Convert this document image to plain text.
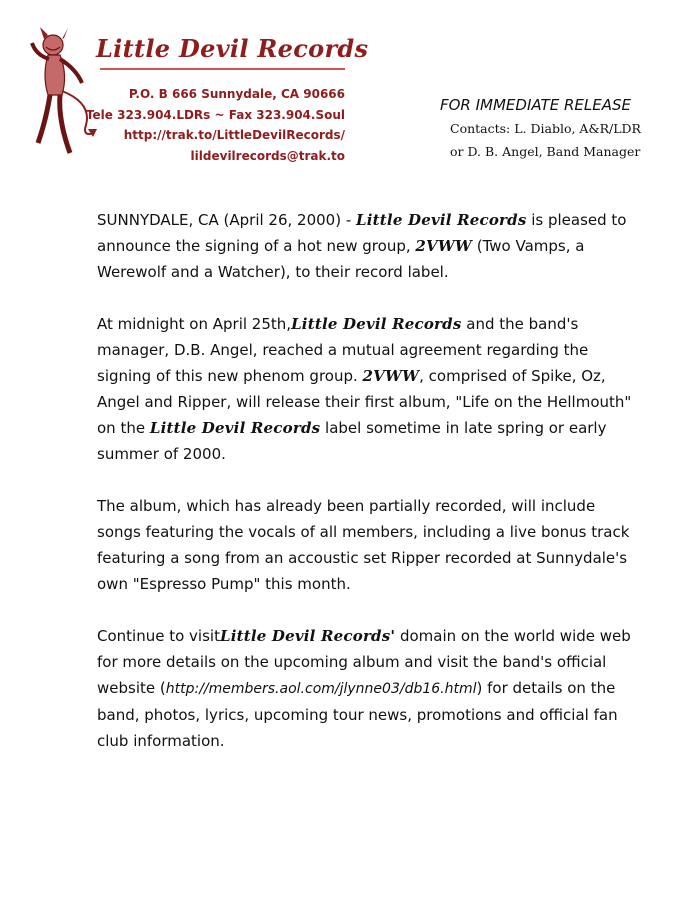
Little Devil Records
P.O. B 666 Sunnydale, CA 90666
Tele 323.904.LDRs ~ Fax 323.904.Soul
http://trak.to/LittleDevilRecords/
lildevilrecords@trak.to
FOR IMMEDIATE RELEASE
Contacts: L. Diablo, A&R/LDR
or D. B. Angel, Band Manager

SUNNYDALE, CA (April 26, 2000) - Little Devil Records is pleased to announce the signing of a hot new group, 2VWW (Two Vamps, a Werewolf and a Watcher), to their record label.

At midnight on April 25th,Little Devil Records and the band's manager, D.B. Angel, reached a mutual agreement regarding the signing of this new phenom group. 2VWW, comprised of Spike, Oz, Angel and Ripper, will release their first album, "Life on the Hellmouth" on the Little Devil Records label sometime in late spring or early summer of 2000.

The album, which has already been partially recorded, will include songs featuring the vocals of all members, including a live bonus track featuring a song from an accoustic set Ripper recorded at Sunnydale's own "Espresso Pump" this month.

Continue to visitLittle Devil Records' domain on the world wide web for more details on the upcoming album and visit the band's official website (http://members.aol.com/jlynne03/db16.html) for details on the band, photos, lyrics, upcoming tour news, promotions and official fan club information.
